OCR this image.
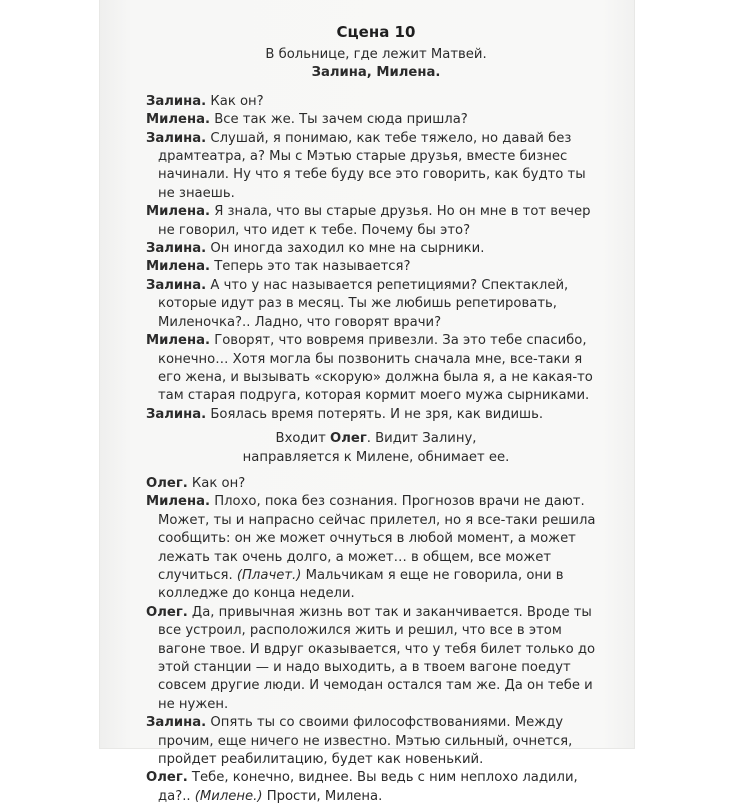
Сцена 10

В больнице, где лежит Матвей.

Залина, Милена.

Залина. Как он?

Милена. Все так же. Ты зачем сюда пришла?

Залина. Слушай, я понимаю, как тебе тяжело, но давай без драмтеатра, а? Мы с Мэтью старые друзья, вместе бизнес начинали. Ну что я тебе буду все это говорить, как будто ты не знаешь.

Милена. Я знала, что вы старые друзья. Но он мне в тот вечер не говорил, что идет к тебе. Почему бы это?

Залина. Он иногда заходил ко мне на сырники.

Милена. Теперь это так называется?

Залина. А что у нас называется репетициями? Спектаклей, которые идут раз в месяц. Ты же любишь репетировать, Миленочка?.. Ладно, что говорят врачи?

Милена. Говорят, что вовремя привезли. За это тебе спасибо, конечно… Хотя могла бы позвонить сначала мне, все-таки я его жена, и вызывать «скорую» должна была я, а не какая-то там старая подруга, которая кормит моего мужа сырниками.

Залина. Боялась время потерять. И не зря, как видишь.

Входит Олег. Видит Залину,

направляется к Милене, обнимает ее.

Олег. Как он?

Милена. Плохо, пока без сознания. Прогнозов врачи не дают. Может, ты и напрасно сейчас прилетел, но я все-таки решила сообщить: он же может очнуться в любой момент, а может лежать так очень долго, а может… в общем, все может случиться. (Плачет.) Мальчикам я еще не говорила, они в колледже до конца недели.

Олег. Да, привычная жизнь вот так и заканчивается. Вроде ты все устроил, расположился жить и решил, что все в этом вагоне твое. И вдруг оказывается, что у тебя билет только до этой станции — и надо выходить, а в твоем вагоне поедут совсем другие люди. И чемодан остался там же. Да он тебе и не нужен.

Залина. Опять ты со своими философствованиями. Между прочим, еще ничего не известно. Мэтью сильный, очнется, пройдет реабилитацию, будет как новенький.

Олег. Тебе, конечно, виднее. Вы ведь с ним неплохо ладили, да?.. (Милене.) Прости, Милена.
